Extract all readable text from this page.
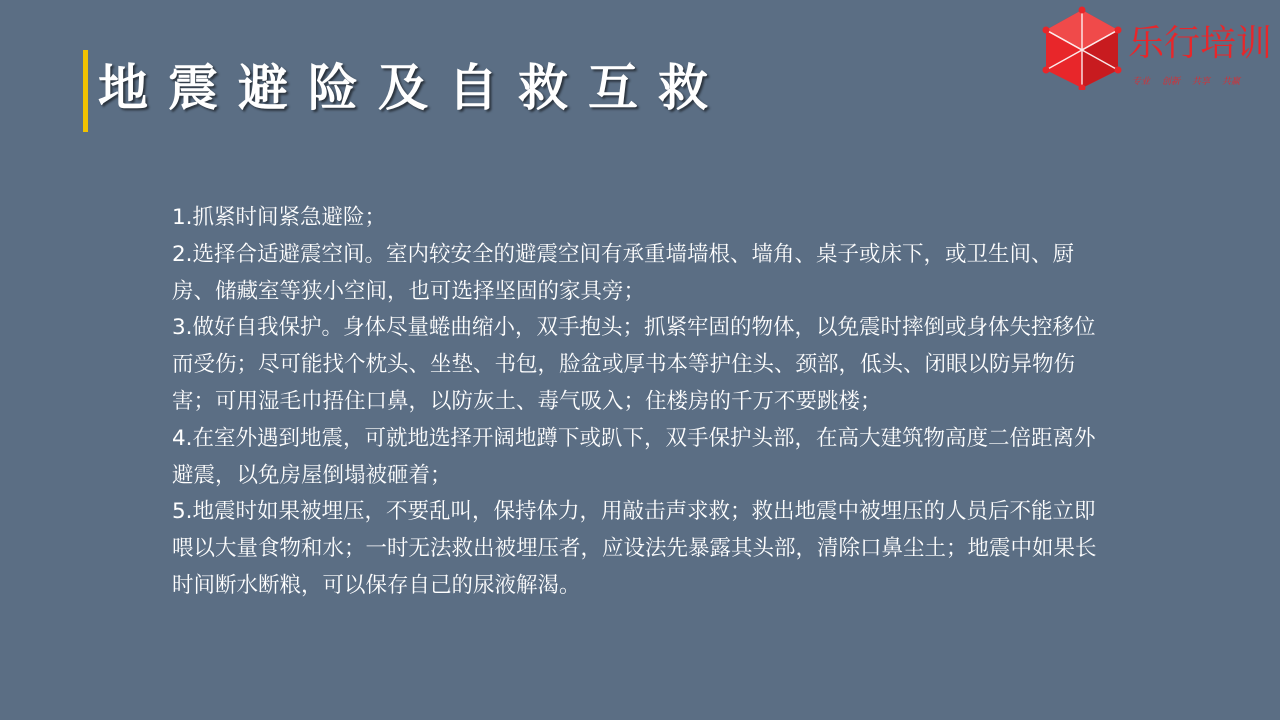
地震避险及自救互救
乐行培训
专业 创新 共享 共赢

1.抓紧时间紧急避险；

2.选择合适避震空间。室内较安全的避震空间有承重墙墙根、墙角、桌子或床下，或卫生间、厨房、储藏室等狭小空间，也可选择坚固的家具旁；

3.做好自我保护。身体尽量蜷曲缩小，双手抱头；抓紧牢固的物体，以免震时摔倒或身体失控移位而受伤；尽可能找个枕头、坐垫、书包，脸盆或厚书本等护住头、颈部，低头、闭眼以防异物伤害；可用湿毛巾捂住口鼻，以防灰土、毒气吸入；住楼房的千万不要跳楼；

4.在室外遇到地震，可就地选择开阔地蹲下或趴下，双手保护头部，在高大建筑物高度二倍距离外避震，以免房屋倒塌被砸着；

5.地震时如果被埋压，不要乱叫，保持体力，用敲击声求救；救出地震中被埋压的人员后不能立即喂以大量食物和水；一时无法救出被埋压者，应设法先暴露其头部，清除口鼻尘土；地震中如果长时间断水断粮，可以保存自己的尿液解渴。
